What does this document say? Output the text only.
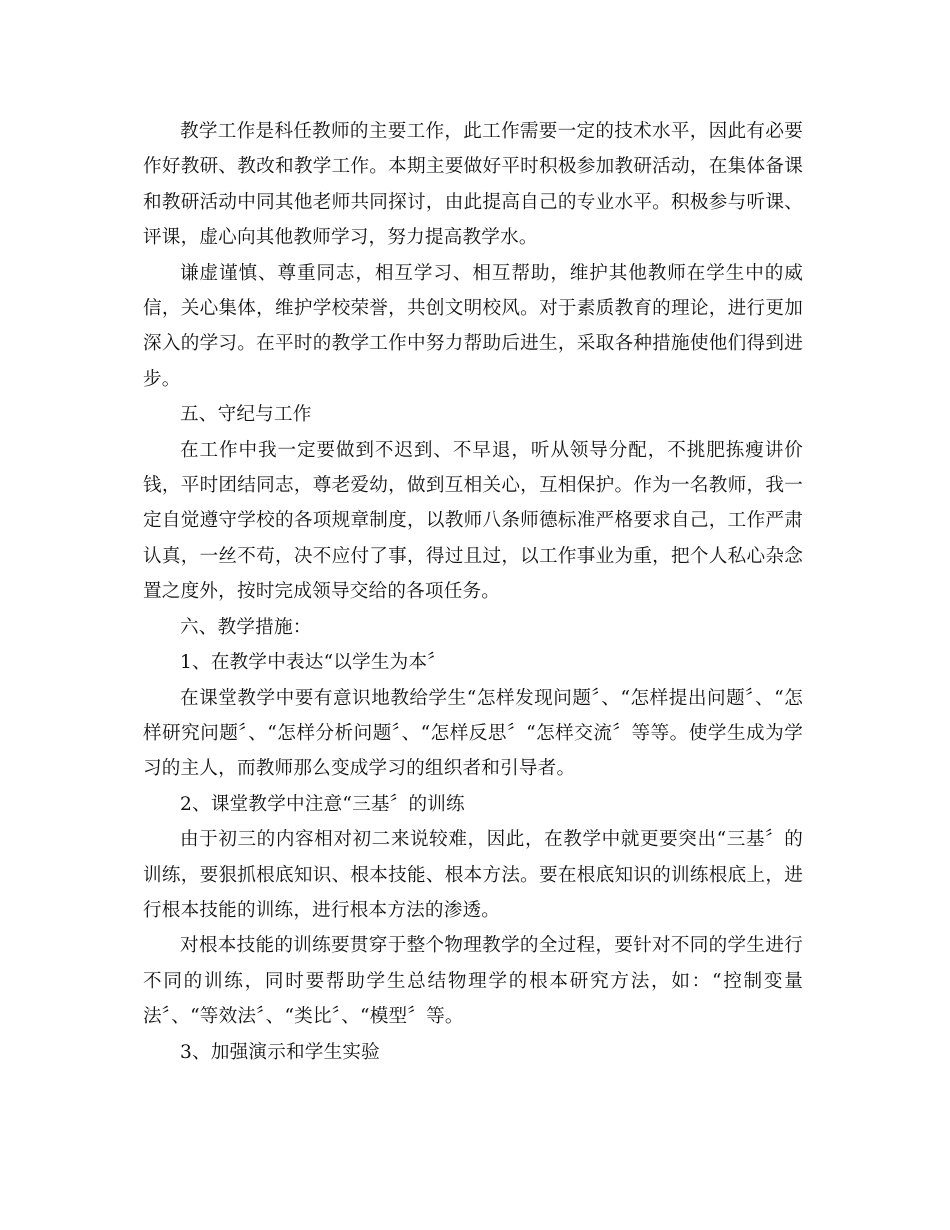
教学工作是科任教师的主要工作，此工作需要一定的技术水平，因此有必要作好教研、教改和教学工作。本期主要做好平时积极参加教研活动，在集体备课和教研活动中同其他老师共同探讨，由此提高自己的专业水平。积极参与听课、评课，虚心向其他教师学习，努力提高教学水。

谦虚谨慎、尊重同志，相互学习、相互帮助，维护其他教师在学生中的威信，关心集体，维护学校荣誉，共创文明校风。对于素质教育的理论，进行更加深入的学习。在平时的教学工作中努力帮助后进生，采取各种措施使他们得到进步。

五、守纪与工作

在工作中我一定要做到不迟到、不早退，听从领导分配，不挑肥拣瘦讲价钱，平时团结同志，尊老爱幼，做到互相关心，互相保护。作为一名教师，我一定自觉遵守学校的各项规章制度，以教师八条师德标准严格要求自己，工作严肃认真，一丝不苟，决不应付了事，得过且过，以工作事业为重，把个人私心杂念置之度外，按时完成领导交给的各项任务。

六、教学措施：

1、在教学中表达“以学生为本〞

在课堂教学中要有意识地教给学生“怎样发现问题〞、“怎样提出问题〞、“怎样研究问题〞、“怎样分析问题〞、“怎样反思〞“怎样交流〞等等。使学生成为学习的主人，而教师那么变成学习的组织者和引导者。

2、课堂教学中注意“三基〞的训练

由于初三的内容相对初二来说较难，因此，在教学中就更要突出“三基〞的训练，要狠抓根底知识、根本技能、根本方法。要在根底知识的训练根底上，进行根本技能的训练，进行根本方法的渗透。

对根本技能的训练要贯穿于整个物理教学的全过程，要针对不同的学生进行不同的训练，同时要帮助学生总结物理学的根本研究方法，如：“控制变量法〞、“等效法〞、“类比〞、“模型〞等。

3、加强演示和学生实验
